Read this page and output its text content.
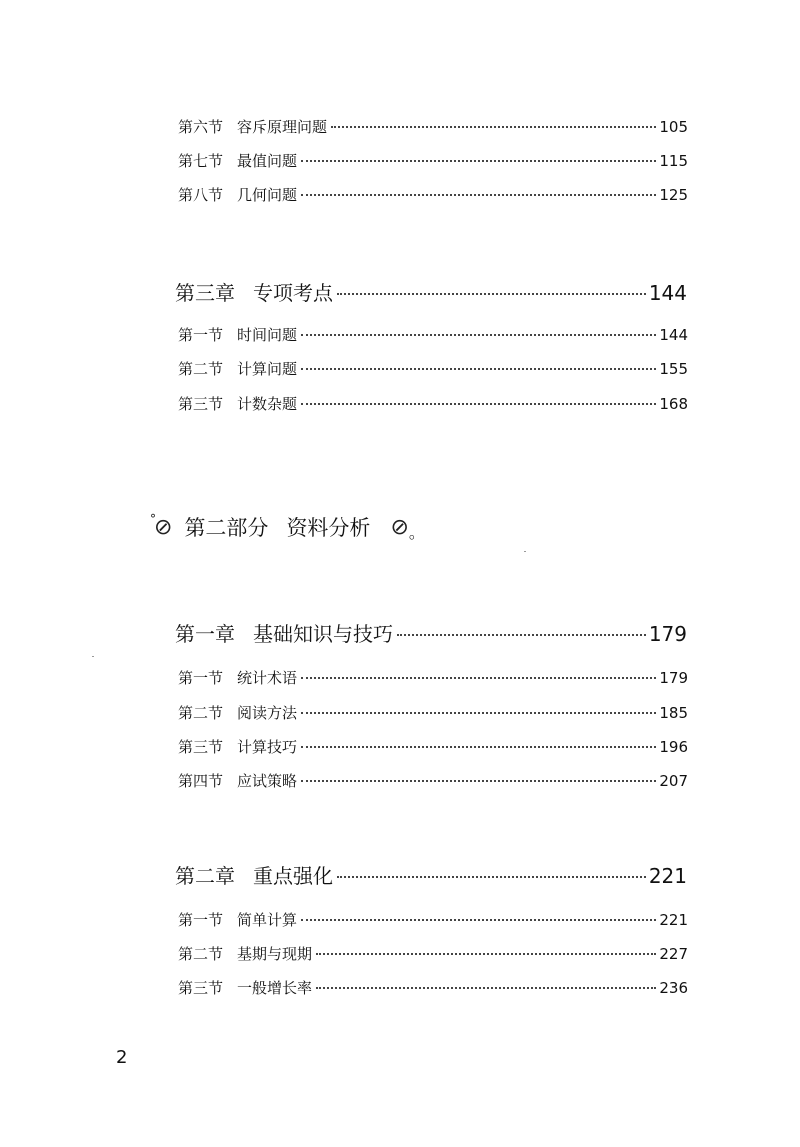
第六节 容斥原理问题	105
第七节 最值问题	115
第八节 几何问题	125
第三章 专项考点	144
第一节 时间问题	144
第二节 计算问题	155
第三节 计数杂题	168
°
⊘ 第二部分 资料分析 ⊘ 。
第一章 基础知识与技巧	179
第一节 统计术语	179
第二节 阅读方法	185
第三节 计算技巧	196
第四节 应试策略	207
第二章 重点强化	221
第一节 简单计算	221
第二节 基期与现期	227
第三节 一般增长率	236
2
